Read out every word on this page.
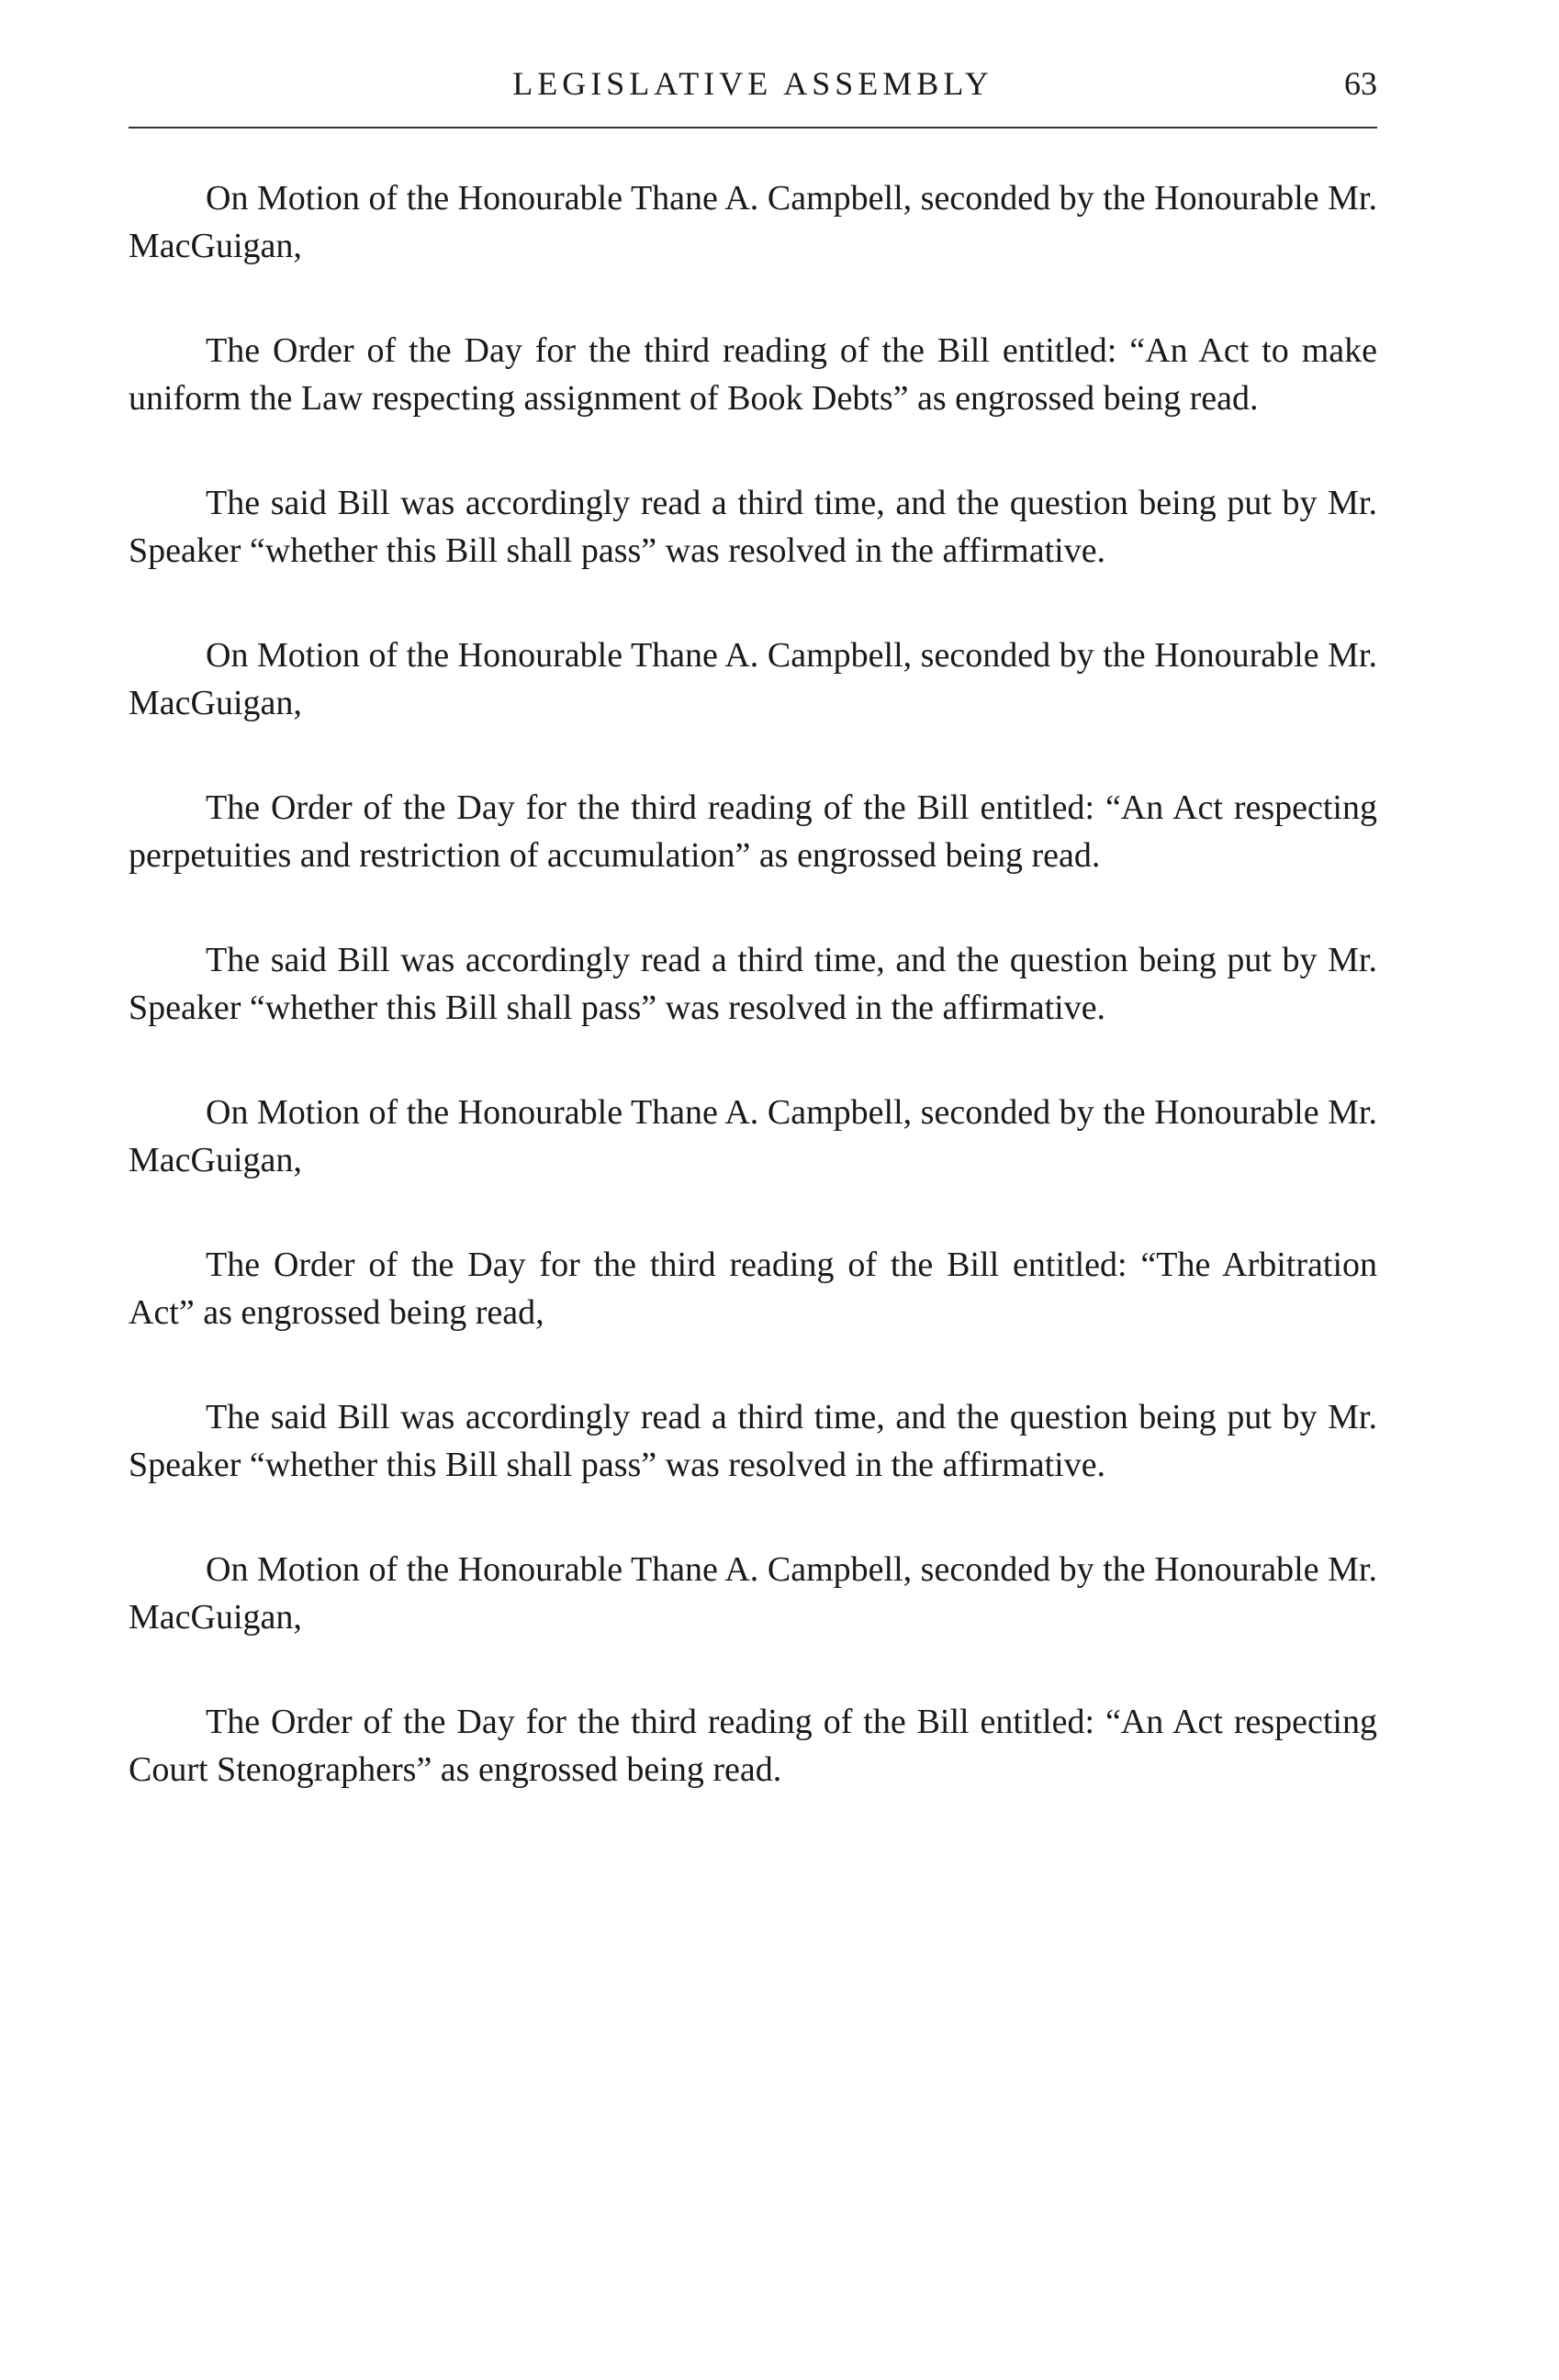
LEGISLATIVE ASSEMBLY	63

On Motion of the Honourable Thane A. Campbell, seconded by the Honourable Mr. MacGuigan,

The Order of the Day for the third reading of the Bill entitled: “An Act to make uniform the Law respecting assignment of Book Debts” as engrossed being read.

The said Bill was accordingly read a third time, and the question being put by Mr. Speaker “whether this Bill shall pass” was resolved in the affirmative.

On Motion of the Honourable Thane A. Campbell, seconded by the Honourable Mr. MacGuigan,

The Order of the Day for the third reading of the Bill entitled: “An Act respecting perpetuities and restriction of accumulation” as engrossed being read.

The said Bill was accordingly read a third time, and the question being put by Mr. Speaker “whether this Bill shall pass” was resolved in the affirmative.

On Motion of the Honourable Thane A. Campbell, seconded by the Honourable Mr. MacGuigan,

The Order of the Day for the third reading of the Bill entitled: “The Arbitration Act” as engrossed being read,

The said Bill was accordingly read a third time, and the question being put by Mr. Speaker “whether this Bill shall pass” was resolved in the affirmative.

On Motion of the Honourable Thane A. Campbell, seconded by the Honourable Mr. MacGuigan,

The Order of the Day for the third reading of the Bill entitled: “An Act respecting Court Stenographers” as engrossed being read.
